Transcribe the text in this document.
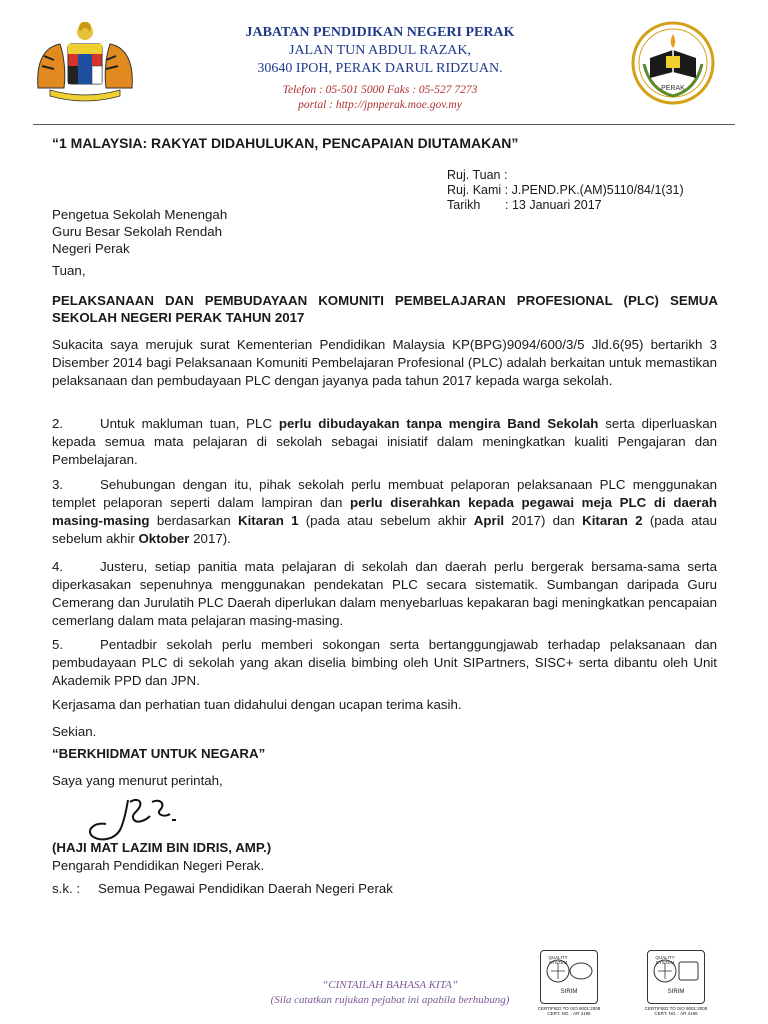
JABATAN PENDIDIKAN NEGERI PERAK
JALAN TUN ABDUL RAZAK,
30640 IPOH, PERAK DARUL RIDZUAN.
Telefon : 05-501 5000 Faks : 05-527 7273
portal : http://jpnperak.moe.gov.my
PERAK
“1 MALAYSIA: RAKYAT DIDAHULUKAN, PENCAPAIAN DIUTAMAKAN”
Ruj. Tuan :
Ruj. Kami : J.PEND.PK.(AM)5110/84/1(31)
Tarikh : 13 Januari 2017
Pengetua Sekolah Menengah
Guru Besar Sekolah Rendah
Negeri Perak
Tuan,
PELAKSANAAN DAN PEMBUDAYAAN KOMUNITI PEMBELAJARAN PROFESIONAL (PLC) SEMUA SEKOLAH NEGERI PERAK TAHUN 2017
Sukacita saya merujuk surat Kementerian Pendidikan Malaysia KP(BPG)9094/600/3/5 Jld.6(95) bertarikh 3 Disember 2014 bagi Pelaksanaan Komuniti Pembelajaran Profesional (PLC) adalah berkaitan untuk memastikan pelaksanaan dan pembudayaan PLC dengan jayanya pada tahun 2017 kepada warga sekolah.
2.	Untuk makluman tuan, PLC perlu dibudayakan tanpa mengira Band Sekolah serta diperluaskan kepada semua mata pelajaran di sekolah sebagai inisiatif dalam meningkatkan kualiti Pengajaran dan Pembelajaran.
3.	Sehubungan dengan itu, pihak sekolah perlu membuat pelaporan pelaksanaan PLC menggunakan templet pelaporan seperti dalam lampiran dan perlu diserahkan kepada pegawai meja PLC di daerah masing-masing berdasarkan Kitaran 1 (pada atau sebelum akhir April 2017) dan Kitaran 2 (pada atau sebelum akhir Oktober 2017).
4.	Justeru, setiap panitia mata pelajaran di sekolah dan daerah perlu bergerak bersama-sama serta diperkasakan sepenuhnya menggunakan pendekatan PLC secara sistematik. Sumbangan daripada Guru Cemerang dan Jurulatih PLC Daerah diperlukan dalam menyebarluas kepakaran bagi meningkatkan pencapaian cemerlang dalam mata pelajaran masing-masing.
5.	Pentadbir sekolah perlu memberi sokongan serta bertanggungjawab terhadap pelaksanaan dan pembudayaan PLC di sekolah yang akan diselia bimbing oleh Unit SIPartners, SISC+ serta dibantu oleh Unit Akademik PPD dan JPN.
Kerjasama dan perhatian tuan didahului dengan ucapan terima kasih.
Sekian.
“BERKHIDMAT UNTUK NEGARA”
Saya yang menurut perintah,
(HAJI MAT LAZIM BIN IDRIS, AMP.)
Pengarah Pendidikan Negeri Perak.
s.k. : Semua Pegawai Pendidikan Daerah Negeri Perak
“CINTAILAH BAHASA KITA”
(Sila catatkan rujukan pejabat ini apabila berhubung)
SIRIM
QUALITY SYSTEM
CERTIFIED TO ISO 9001:2008
CERT. NO. : AR 4195
SIRIM
QUALITY SYSTEM
CERTIFIED TO ISO 9001:2008
CERT. NO. : AR 4196
